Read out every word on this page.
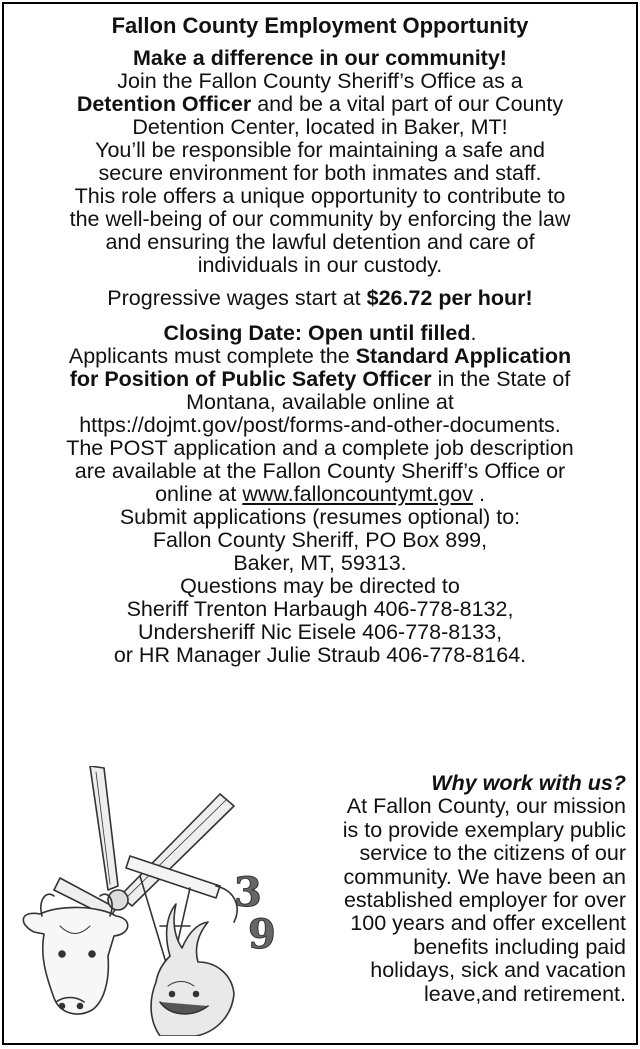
Fallon County Employment Opportunity
Make a difference in our community!
Join the Fallon County Sheriff’s Office as a
Detention Officer and be a vital part of our County
Detention Center, located in Baker, MT!
You’ll be responsible for maintaining a safe and
secure environment for both inmates and staff.
This role offers a unique opportunity to contribute to
the well-being of our community by enforcing the law
and ensuring the lawful detention and care of
individuals in our custody.
Progressive wages start at $26.72 per hour!
Closing Date: Open until filled.
Applicants must complete the Standard Application
for Position of Public Safety Officer in the State of
Montana, available online at
https://dojmt.gov/post/forms-and-other-documents.
The POST application and a complete job description
are available at the Fallon County Sheriff’s Office or
online at www.falloncountymt.gov .
Submit applications (resumes optional) to:
Fallon County Sheriff, PO Box 899,
Baker, MT, 59313.
Questions may be directed to
Sheriff Trenton Harbaugh 406-778-8132,
Undersheriff Nic Eisele 406-778-8133,
or HR Manager Julie Straub 406-778-8164.
3
9
Why work with us?
At Fallon County, our mission
is to provide exemplary public
service to the citizens of our
community. We have been an
established employer for over
100 years and offer excellent
benefits including paid
holidays, sick and vacation
leave,and retirement.
